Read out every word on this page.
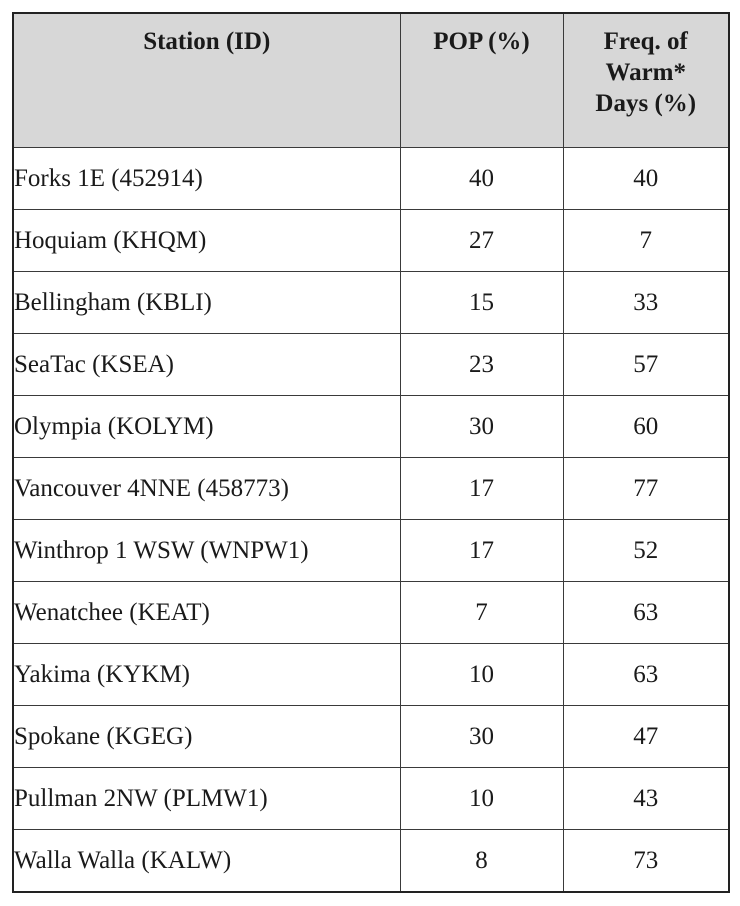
Station (ID)	POP (%)	Freq. of
Warm*
Days (%)
Forks 1E (452914)	40	40
Hoquiam (KHQM)	27	7
Bellingham (KBLI)	15	33
SeaTac (KSEA)	23	57
Olympia (KOLYM)	30	60
Vancouver 4NNE (458773)	17	77
Winthrop 1 WSW (WNPW1)	17	52
Wenatchee (KEAT)	7	63
Yakima (KYKM)	10	63
Spokane (KGEG)	30	47
Pullman 2NW (PLMW1)	10	43
Walla Walla (KALW)	8	73
